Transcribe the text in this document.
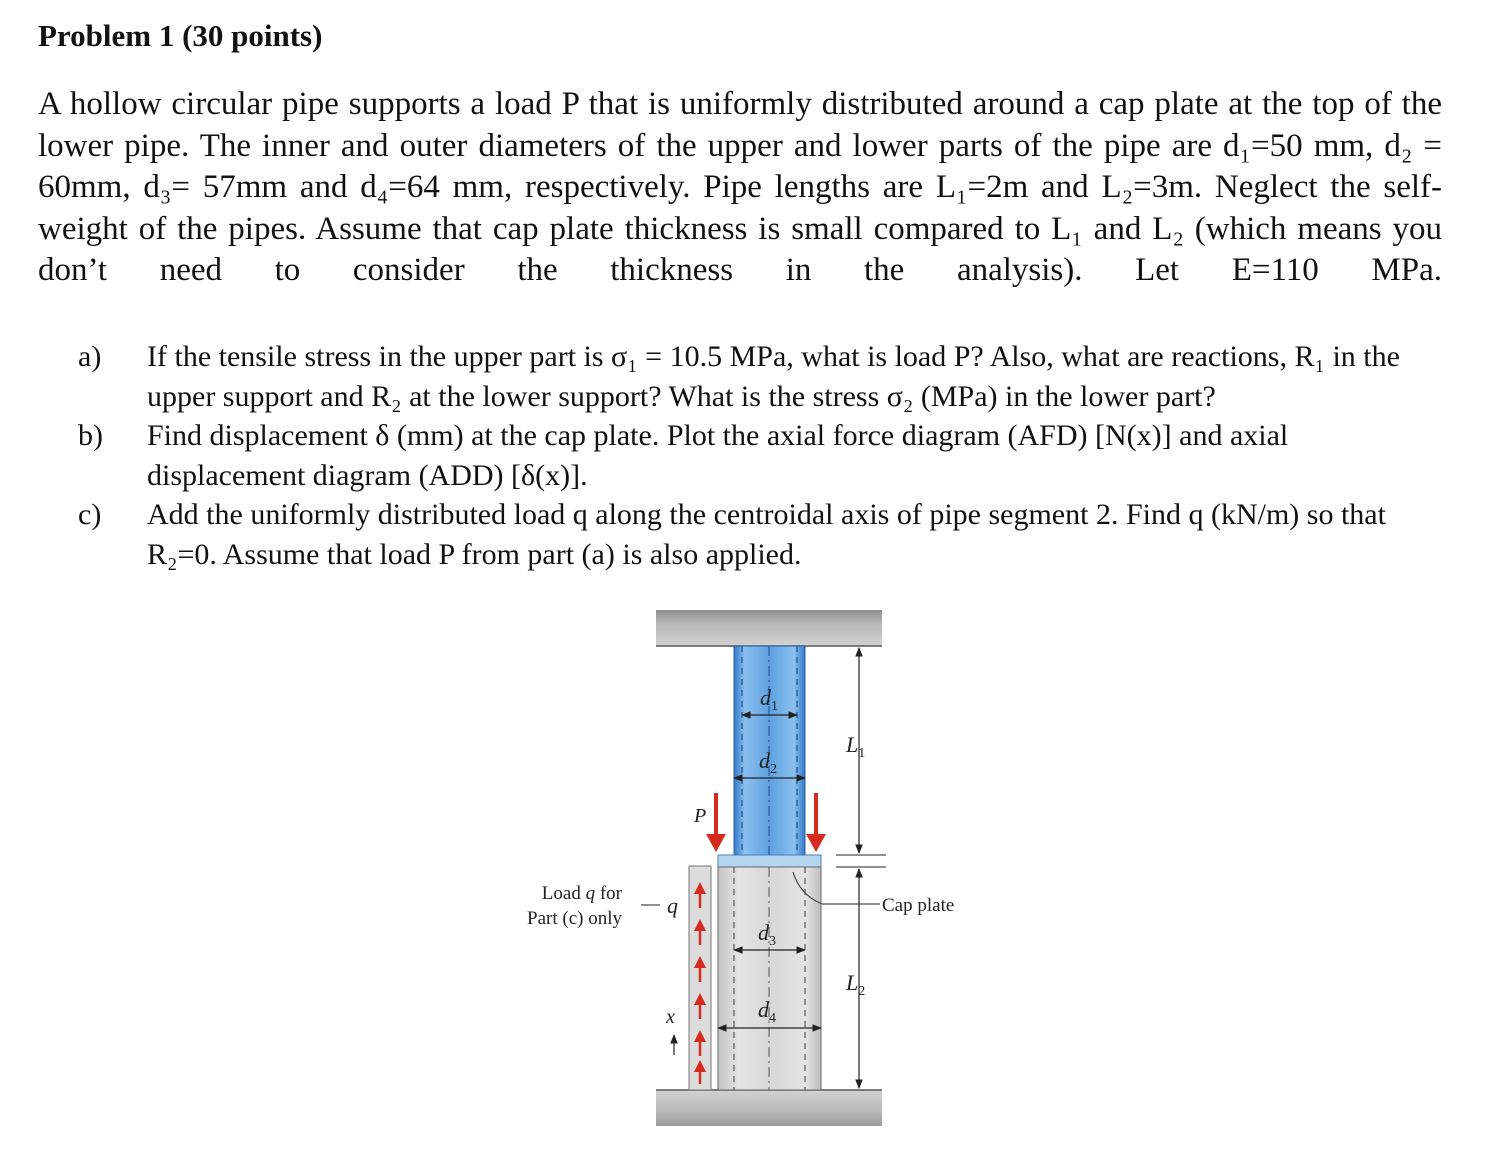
Problem 1 (30 points)

A hollow circular pipe supports a load P that is uniformly distributed around a cap plate at the top of the lower pipe. The inner and outer diameters of the upper and lower parts of the pipe are d₁=50 mm, d₂ = 60mm, d₃= 57mm and d₄=64 mm, respectively. Pipe lengths are L₁=2m and L₂=3m. Neglect the self-weight of the pipes. Assume that cap plate thickness is small compared to L₁ and L₂ (which means you don’t need to consider the thickness in the analysis). Let E=110 MPa.

a) If the tensile stress in the upper part is σ₁ = 10.5 MPa, what is load P? Also, what are reactions, R₁ in the upper support and R₂ at the lower support? What is the stress σ₂ (MPa) in the lower part?
b) Find displacement δ (mm) at the cap plate. Plot the axial force diagram (AFD) [N(x)] and axial displacement diagram (ADD) [δ(x)].
c) Add the uniformly distributed load q along the centroidal axis of pipe segment 2. Find q (kN/m) so that R₂=0. Assume that load P from part (a) is also applied.
$d_1$
$d_2$
$d_3$
$d_4$
$L_1$
$L_2$
P
q
x
Load q for
Part (c) only
Cap plate
